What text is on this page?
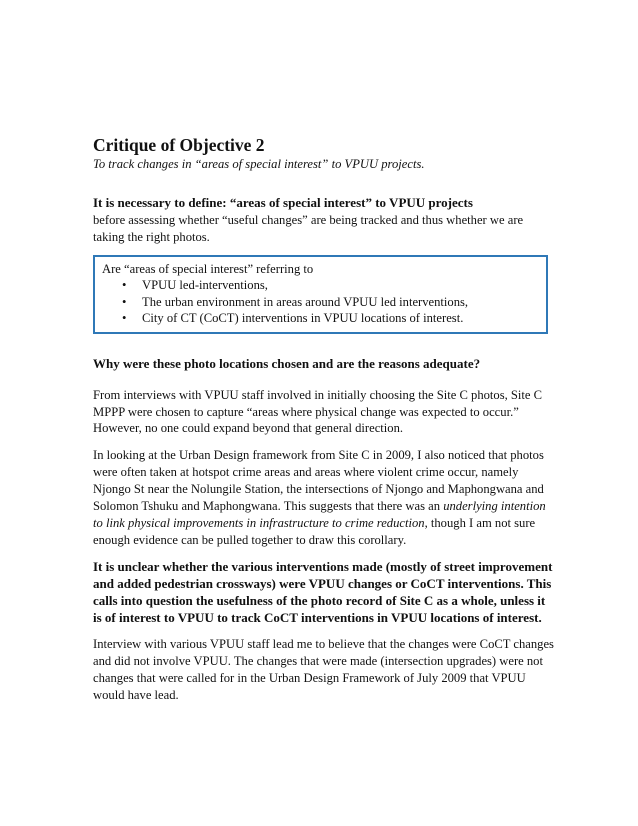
Critique of Objective 2
To track changes in “areas of special interest” to VPUU projects.

It is necessary to define: “areas of special interest” to VPUU projects
before assessing whether “useful changes” are being tracked and thus whether we are taking the right photos.

Are “areas of special interest” referring to

• VPUU led-interventions,
• The urban environment in areas around VPUU led interventions,
• City of CT (CoCT) interventions in VPUU locations of interest.

Why were these photo locations chosen and are the reasons adequate?

From interviews with VPUU staff involved in initially choosing the Site C photos, Site C MPPP were chosen to capture “areas where physical change was expected to occur.” However, no one could expand beyond that general direction.

In looking at the Urban Design framework from Site C in 2009, I also noticed that photos were often taken at hotspot crime areas and areas where violent crime occur, namely Njongo St near the Nolungile Station, the intersections of Njongo and Maphongwana and Solomon Tshuku and Maphongwana. This suggests that there was an underlying intention to link physical improvements in infrastructure to crime reduction, though I am not sure enough evidence can be pulled together to draw this corollary.

It is unclear whether the various interventions made (mostly of street improvement and added pedestrian crossways) were VPUU changes or CoCT interventions. This calls into question the usefulness of the photo record of Site C as a whole, unless it is of interest to VPUU to track CoCT interventions in VPUU locations of interest.

Interview with various VPUU staff lead me to believe that the changes were CoCT changes and did not involve VPUU. The changes that were made (intersection upgrades) were not changes that were called for in the Urban Design Framework of July 2009 that VPUU would have lead.
